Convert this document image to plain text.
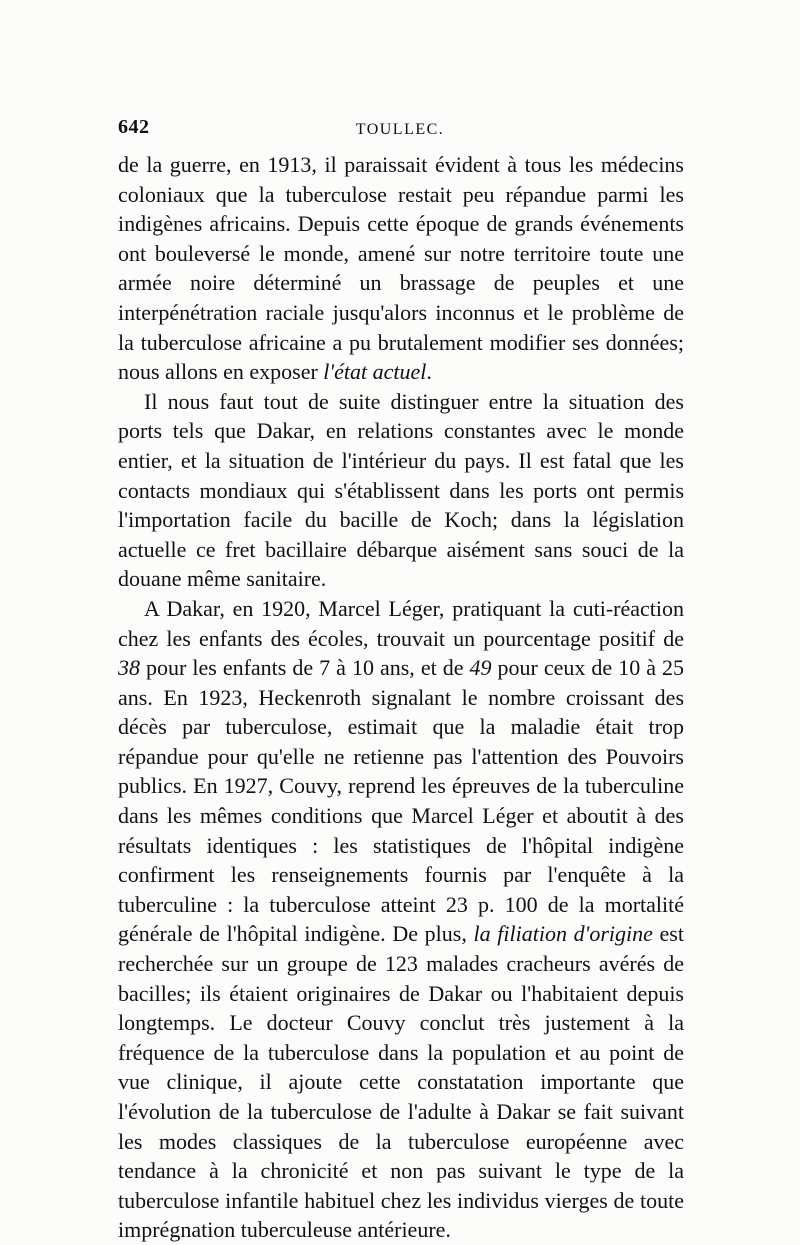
642	TOULLEC.

de la guerre, en 1913, il paraissait évident à tous les médecins coloniaux que la tuberculose restait peu répandue parmi les indigènes africains. Depuis cette époque de grands événements ont bouleversé le monde, amené sur notre territoire toute une armée noire déterminé un brassage de peuples et une interpénétration raciale jusqu'alors inconnus et le problème de la tuberculose africaine a pu brutalement modifier ses données; nous allons en exposer l'état actuel.

Il nous faut tout de suite distinguer entre la situation des ports tels que Dakar, en relations constantes avec le monde entier, et la situation de l'intérieur du pays. Il est fatal que les contacts mondiaux qui s'établissent dans les ports ont permis l'importation facile du bacille de Koch; dans la législation actuelle ce fret bacillaire débarque aisément sans souci de la douane même sanitaire.

A Dakar, en 1920, Marcel Léger, pratiquant la cuti-réaction chez les enfants des écoles, trouvait un pourcentage positif de 38 pour les enfants de 7 à 10 ans, et de 49 pour ceux de 10 à 25 ans. En 1923, Heckenroth signalant le nombre croissant des décès par tuberculose, estimait que la maladie était trop répandue pour qu'elle ne retienne pas l'attention des Pouvoirs publics. En 1927, Couvy, reprend les épreuves de la tuberculine dans les mêmes conditions que Marcel Léger et aboutit à des résultats identiques : les statistiques de l'hôpital indigène confirment les renseignements fournis par l'enquête à la tuberculine : la tuberculose atteint 23 p. 100 de la mortalité générale de l'hôpital indigène. De plus, la filiation d'origine est recherchée sur un groupe de 123 malades cracheurs avérés de bacilles; ils étaient originaires de Dakar ou l'habitaient depuis longtemps. Le docteur Couvy conclut très justement à la fréquence de la tuberculose dans la population et au point de vue clinique, il ajoute cette constatation importante que l'évolution de la tuberculose de l'adulte à Dakar se fait suivant les modes classiques de la tuberculose européenne avec tendance à la chronicité et non pas suivant le type de la tuberculose infantile habituel chez les individus vierges de toute imprégnation tuberculeuse antérieure.
